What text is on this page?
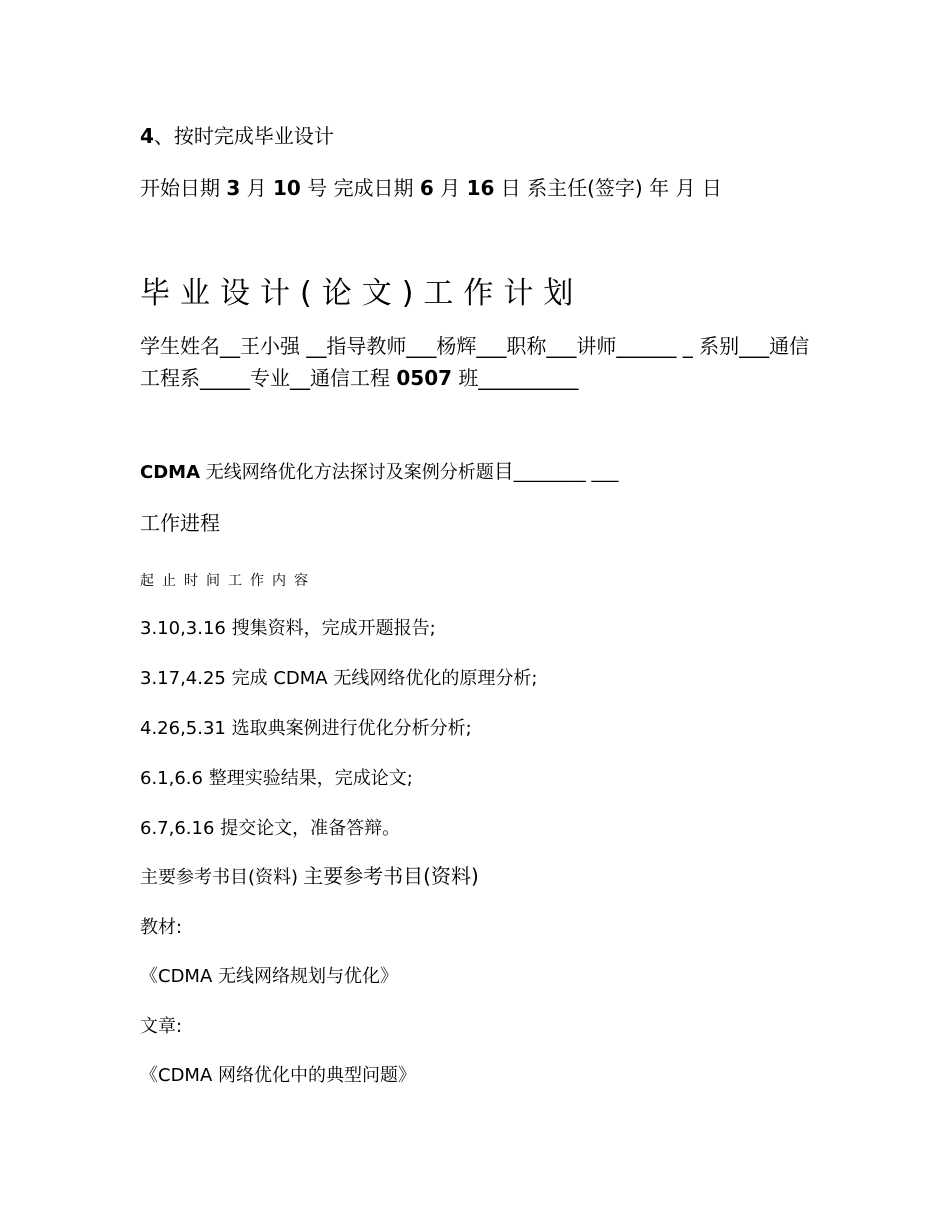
4、按时完成毕业设计
开始日期 3 月 10 号 完成日期 6 月 16 日 系主任(签字) 年 月 日
毕业设计(论文)工作计划
学生姓名__王小强 __指导教师___杨辉___职称___讲师______ _ 系别___通信工程系_____专业__通信工程 0507 班__________
CDMA 无线网络优化方法探讨及案例分析题目________ ___
工作进程
起止时间工作内容
3.10,3.16 搜集资料，完成开题报告;
3.17,4.25 完成 CDMA 无线网络优化的原理分析;
4.26,5.31 选取典案例进行优化分析分析;
6.1,6.6 整理实验结果，完成论文;
6.7,6.16 提交论文，准备答辩。
主要参考书目(资料) 主要参考书目(资料)
教材:
《CDMA 无线网络规划与优化》
文章:
《CDMA 网络优化中的典型问题》
